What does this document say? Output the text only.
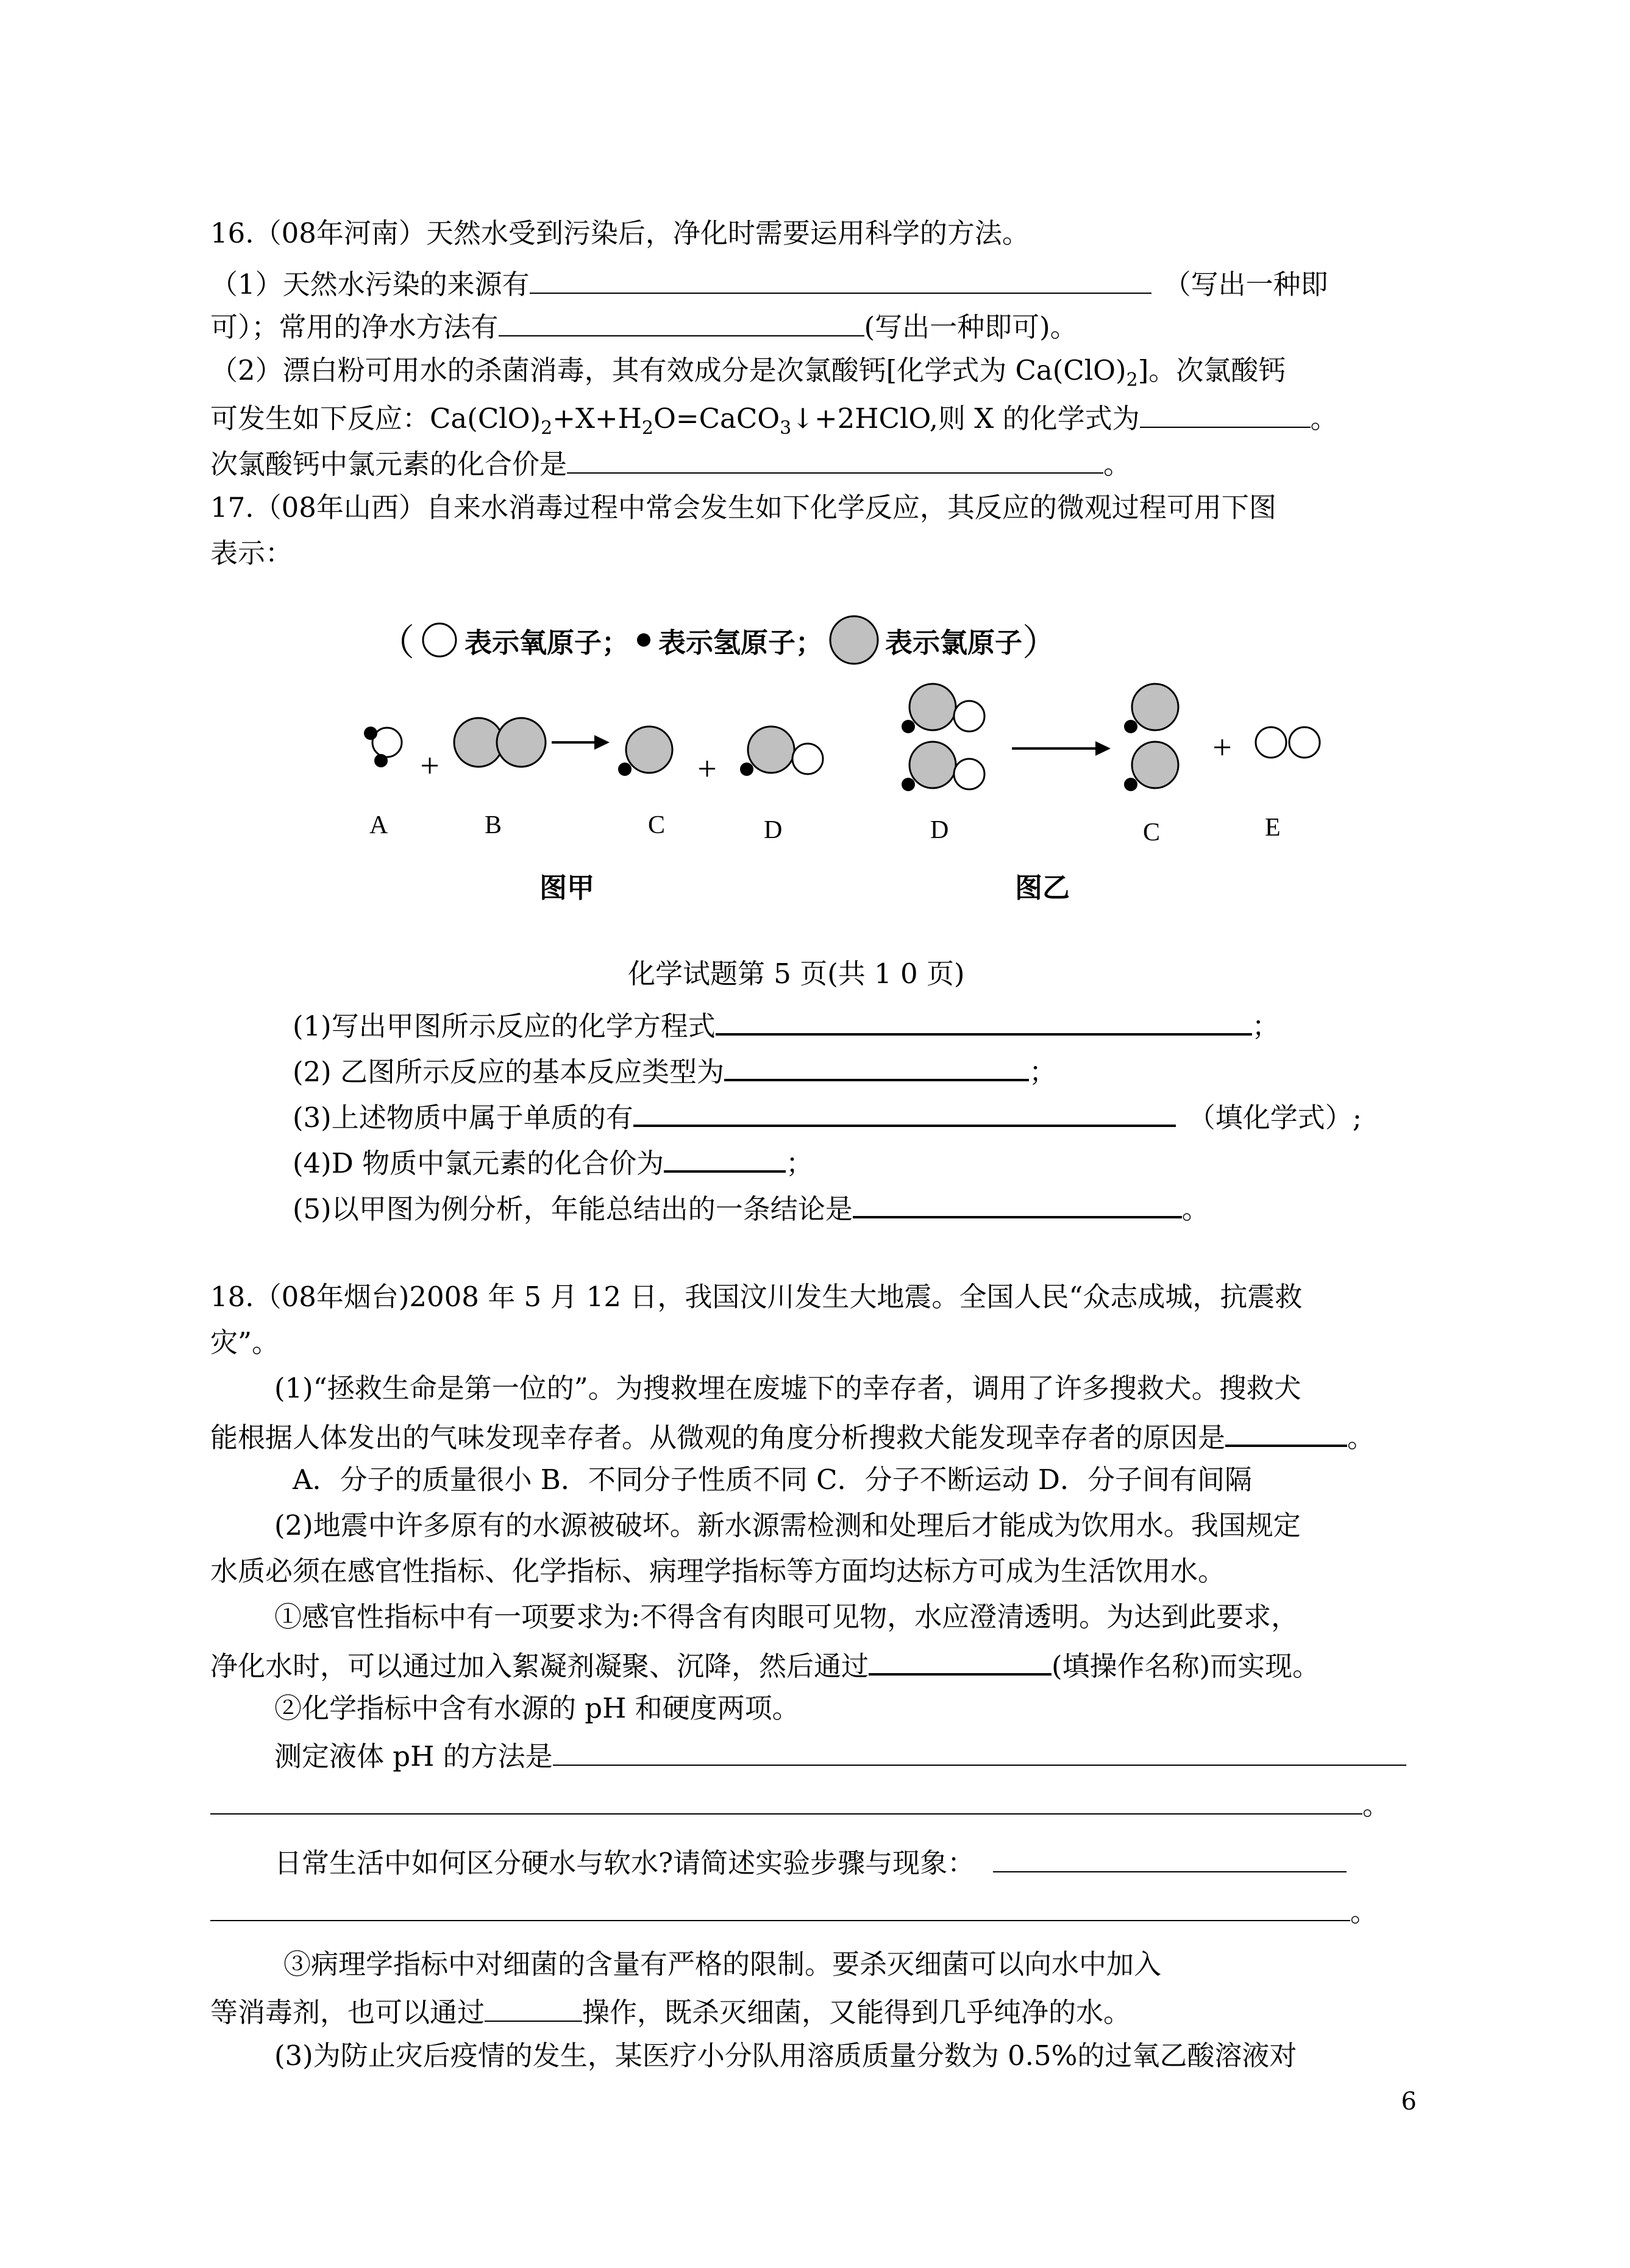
16.（08年河南）天然水受到污染后，净化时需要运用科学的方法。
（1）天然水污染的来源有	（写出一种即
可）；常用的净水方法有	(写出一种即可)。
（2）漂白粉可用水的杀菌消毒，其有效成分是次氯酸钙[化学式为 $Ca(ClO)_2$]。次氯酸钙
可发生如下反应：$Ca(ClO)_2+X+H_2O=CaCO_3↓+2HClO$,则 X 的化学式为	。
次氯酸钙中氯元素的化合价是	。
17.（08年山西）自来水消毒过程中常会发生如下化学反应，其反应的微观过程可用下图
表示：
（ 表示氧原子； 表示氢原子； 表示氯原子 ）
+	+
+
A	B	C	D	D	C	E
图甲	图乙
化学试题第 5 页(共 1 0 页)
(1)写出甲图所示反应的化学方程式	；
(2) 乙图所示反应的基本反应类型为	；
(3)上述物质中属于单质的有	（填化学式）;
(4)D 物质中氯元素的化合价为	；
(5)以甲图为例分析，年能总结出的一条结论是	。
18.（08年烟台)2008 年 5 月 12 日，我国汶川发生大地震。全国人民“众志成城，抗震救
灾”。
(1)“拯救生命是第一位的”。为搜救埋在废墟下的幸存者，调用了许多搜救犬。搜救犬
能根据人体发出的气味发现幸存者。从微观的角度分析搜救犬能发现幸存者的原因是	。
A．分子的质量很小 B．不同分子性质不同 C．分子不断运动 D．分子间有间隔
(2)地震中许多原有的水源被破坏。新水源需检测和处理后才能成为饮用水。我国规定
水质必须在感官性指标、化学指标、病理学指标等方面均达标方可成为生活饮用水。
①感官性指标中有一项要求为:不得含有肉眼可见物，水应澄清透明。为达到此要求，
净化水时，可以通过加入絮凝剂凝聚、沉降，然后通过	(填操作名称)而实现。
②化学指标中含有水源的 pH 和硬度两项。
测定液体 pH 的方法是
。
日常生活中如何区分硬水与软水?请简述实验步骤与现象：
。
③病理学指标中对细菌的含量有严格的限制。要杀灭细菌可以向水中加入
等消毒剂，也可以通过	操作，既杀灭细菌，又能得到几乎纯净的水。
(3)为防止灾后疫情的发生，某医疗小分队用溶质质量分数为 0.5%的过氧乙酸溶液对
6
